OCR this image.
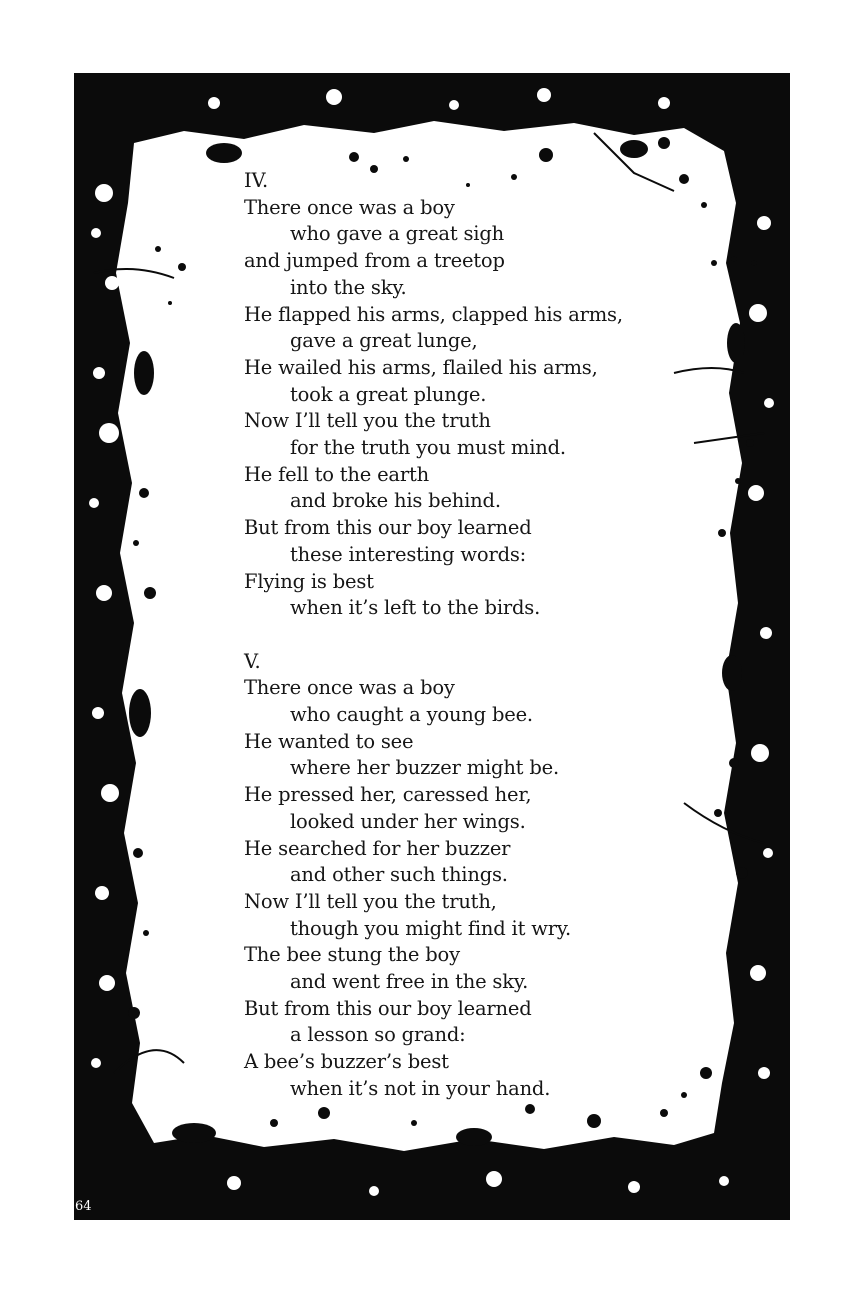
IV.
There once was a boy
who gave a great sigh
and jumped from a treetop
into the sky.
He flapped his arms, clapped his arms,
gave a great lunge,
He wailed his arms, flailed his arms,
took a great plunge.
Now I’ll tell you the truth
for the truth you must mind.
He fell to the earth
and broke his behind.
But from this our boy learned
these interesting words:
Flying is best
when it’s left to the birds.
V.
There once was a boy
who caught a young bee.
He wanted to see
where her buzzer might be.
He pressed her, caressed her,
looked under her wings.
He searched for her buzzer
and other such things.
Now I’ll tell you the truth,
though you might find it wry.
The bee stung the boy
and went free in the sky.
But from this our boy learned
a lesson so grand:
A bee’s buzzer’s best
when it’s not in your hand.
64
